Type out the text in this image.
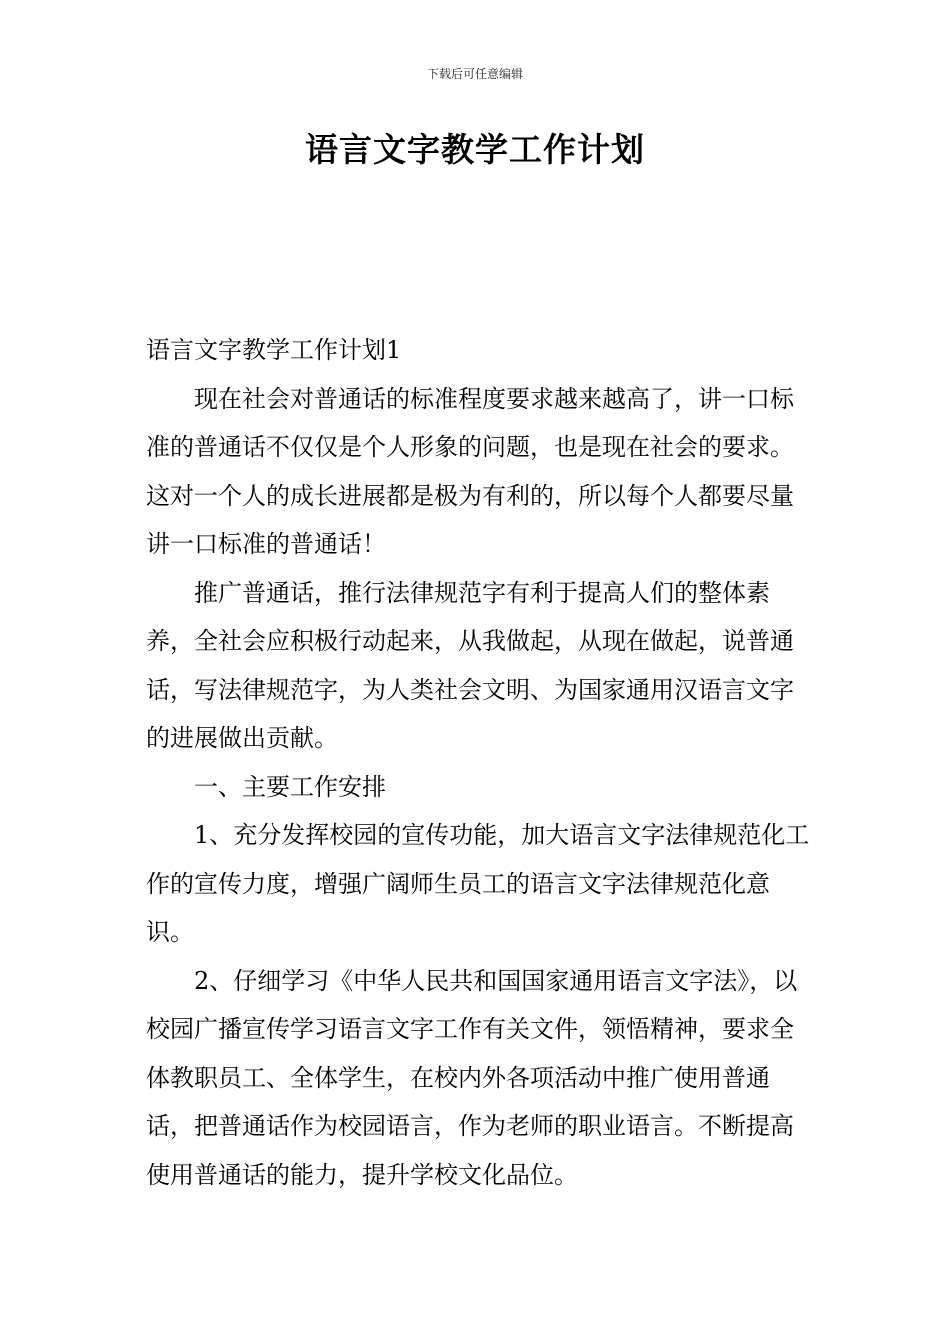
下载后可任意编辑
语言文字教学工作计划

语言文字教学工作计划1

现在社会对普通话的标准程度要求越来越高了，讲一口标准的普通话不仅仅是个人形象的问题，也是现在社会的要求。这对一个人的成长进展都是极为有利的，所以每个人都要尽量讲一口标准的普通话！

推广普通话，推行法律规范字有利于提高人们的整体素养，全社会应积极行动起来，从我做起，从现在做起，说普通话，写法律规范字，为人类社会文明、为国家通用汉语言文字的进展做出贡献。

一、主要工作安排

1、充分发挥校园的宣传功能，加大语言文字法律规范化工作的宣传力度，增强广阔师生员工的语言文字法律规范化意识。

2、仔细学习《中华人民共和国国家通用语言文字法》，以校园广播宣传学习语言文字工作有关文件，领悟精神，要求全体教职员工、全体学生，在校内外各项活动中推广使用普通话，把普通话作为校园语言，作为老师的职业语言。不断提高使用普通话的能力，提升学校文化品位。
